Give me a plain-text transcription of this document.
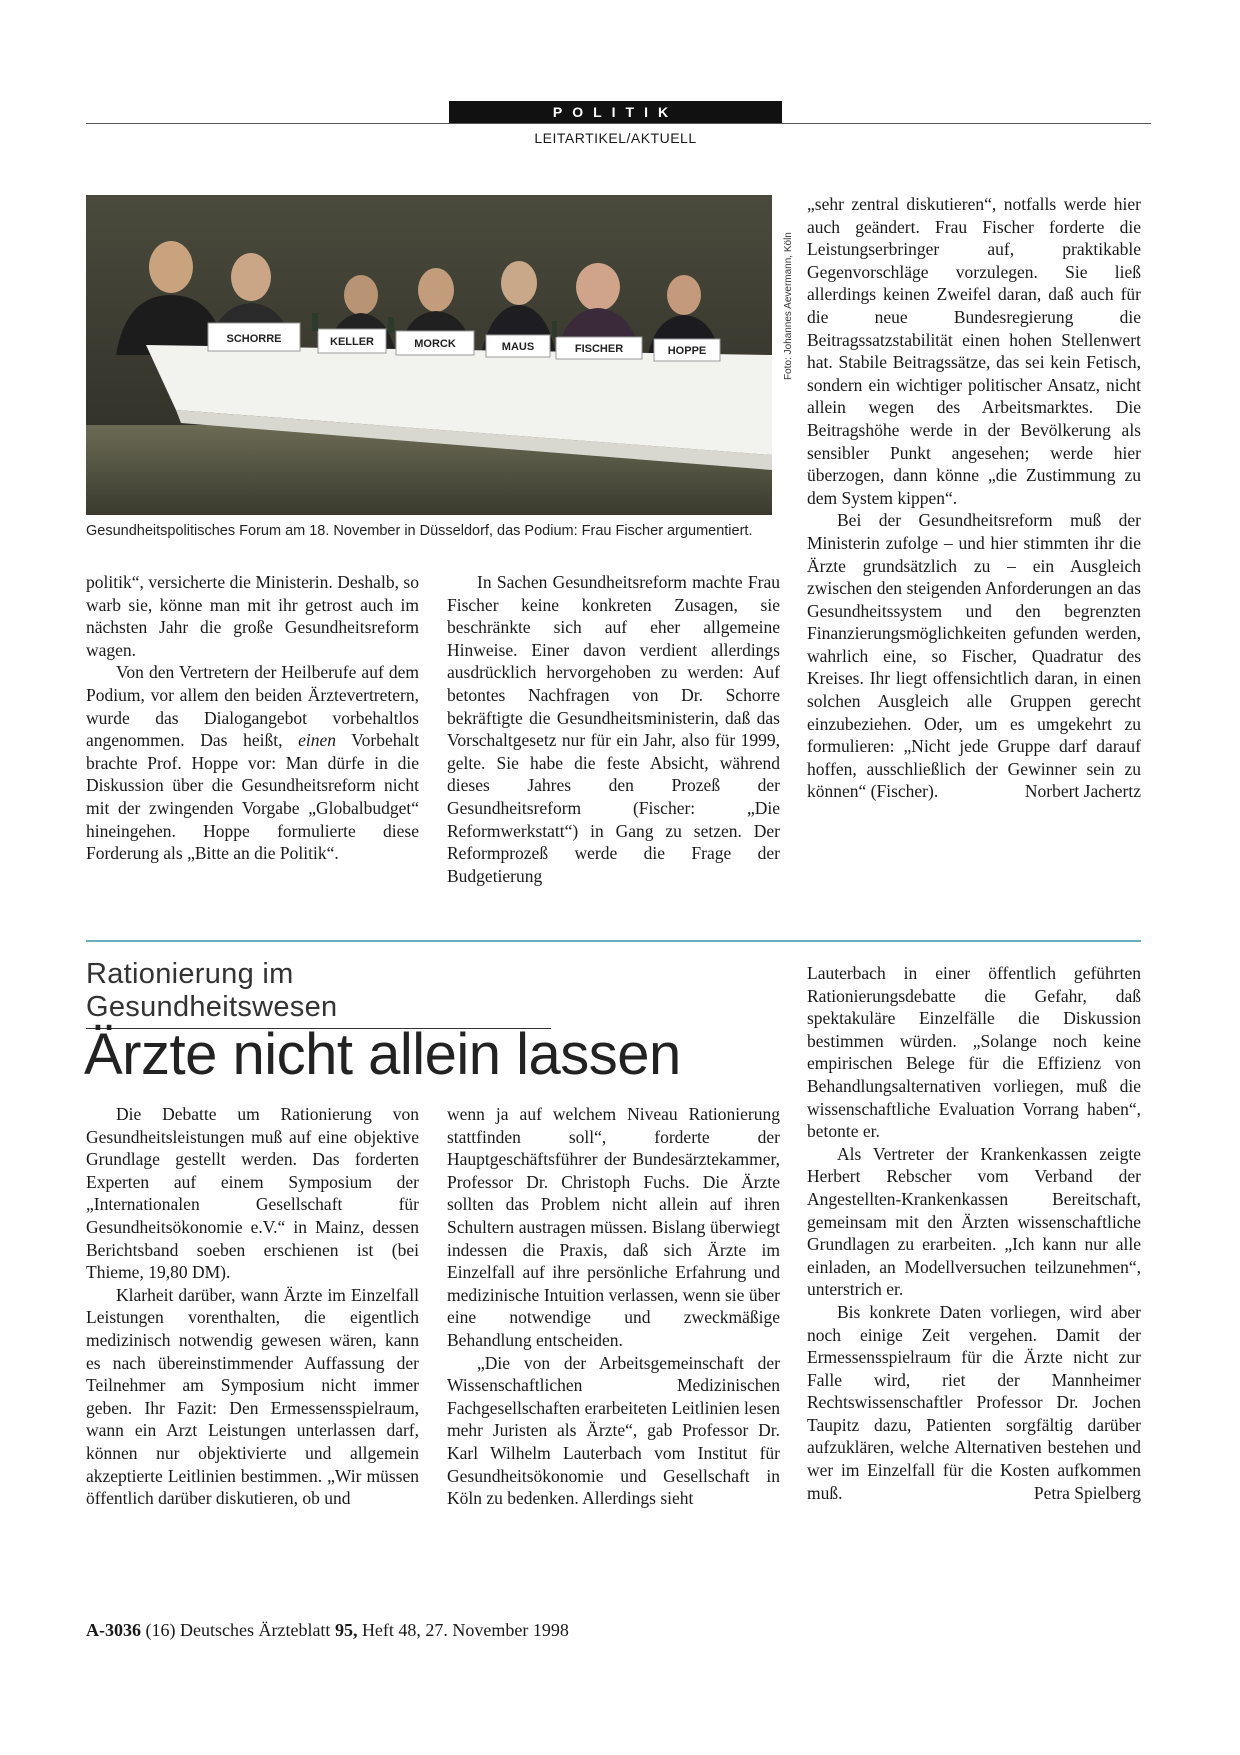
POLITIK
LEITARTIKEL/AKTUELL
SCHORRE	KELLER	MORCK	MAUS	FISCHER	HOPPE	Foto: Johannes Aevermann, Köln
Gesundheitspolitisches Forum am 18. November in Düsseldorf, das Podium: Frau Fischer argumentiert.

politik“, versicherte die Ministerin. Deshalb, so warb sie, könne man mit ihr getrost auch im nächsten Jahr die große Gesundheitsreform wagen.

Von den Vertretern der Heilberufe auf dem Podium, vor allem den beiden Ärztevertretern, wurde das Dialogangebot vorbehaltlos angenommen. Das heißt, einen Vorbehalt brachte Prof. Hoppe vor: Man dürfe in die Diskussion über die Gesundheitsreform nicht mit der zwingenden Vorgabe „Globalbudget“ hineingehen. Hoppe formulierte diese Forderung als „Bitte an die Politik“.

In Sachen Gesundheitsreform machte Frau Fischer keine konkreten Zusagen, sie beschränkte sich auf eher allgemeine Hinweise. Einer davon verdient allerdings ausdrücklich hervorgehoben zu werden: Auf betontes Nachfragen von Dr. Schorre bekräftigte die Gesundheitsministerin, daß das Vorschaltgesetz nur für ein Jahr, also für 1999, gelte. Sie habe die feste Absicht, während dieses Jahres den Prozeß der Gesundheitsreform (Fischer: „Die Reformwerkstatt“) in Gang zu setzen. Der Reformprozeß werde die Frage der Budgetierung

„sehr zentral diskutieren“, notfalls werde hier auch geändert. Frau Fischer forderte die Leistungserbringer auf, praktikable Gegenvorschläge vorzulegen. Sie ließ allerdings keinen Zweifel daran, daß auch für die neue Bundesregierung die Beitragssatzstabilität einen hohen Stellenwert hat. Stabile Beitragssätze, das sei kein Fetisch, sondern ein wichtiger politischer Ansatz, nicht allein wegen des Arbeitsmarktes. Die Beitragshöhe werde in der Bevölkerung als sensibler Punkt angesehen; werde hier überzogen, dann könne „die Zustimmung zu dem System kippen“.

Bei der Gesundheitsreform muß der Ministerin zufolge – und hier stimmten ihr die Ärzte grundsätzlich zu – ein Ausgleich zwischen den steigenden Anforderungen an das Gesundheitssystem und den begrenzten Finanzierungsmöglichkeiten gefunden werden, wahrlich eine, so Fischer, Quadratur des Kreises. Ihr liegt offensichtlich daran, in einen solchen Ausgleich alle Gruppen gerecht einzubeziehen. Oder, um es umgekehrt zu formulieren: „Nicht jede Gruppe darf darauf hoffen, ausschließlich der Gewinner sein zu können“ (Fischer).	Norbert Jachertz

Rationierung im Gesundheitswesen
Ärzte nicht allein lassen

Die Debatte um Rationierung von Gesundheitsleistungen muß auf eine objektive Grundlage gestellt werden. Das forderten Experten auf einem Symposium der „Internationalen Gesellschaft für Gesundheitsökonomie e.V.“ in Mainz, dessen Berichtsband soeben erschienen ist (bei Thieme, 19,80 DM).

Klarheit darüber, wann Ärzte im Einzelfall Leistungen vorenthalten, die eigentlich medizinisch notwendig gewesen wären, kann es nach übereinstimmender Auffassung der Teilnehmer am Symposium nicht immer geben. Ihr Fazit: Den Ermessensspielraum, wann ein Arzt Leistungen unterlassen darf, können nur objektivierte und allgemein akzeptierte Leitlinien bestimmen. „Wir müssen öffentlich darüber diskutieren, ob und

wenn ja auf welchem Niveau Rationierung stattfinden soll“, forderte der Hauptgeschäftsführer der Bundesärztekammer, Professor Dr. Christoph Fuchs. Die Ärzte sollten das Problem nicht allein auf ihren Schultern austragen müssen. Bislang überwiegt indessen die Praxis, daß sich Ärzte im Einzelfall auf ihre persönliche Erfahrung und medizinische Intuition verlassen, wenn sie über eine notwendige und zweckmäßige Behandlung entscheiden.

„Die von der Arbeitsgemeinschaft der Wissenschaftlichen Medizinischen Fachgesellschaften erarbeiteten Leitlinien lesen mehr Juristen als Ärzte“, gab Professor Dr. Karl Wilhelm Lauterbach vom Institut für Gesundheitsökonomie und Gesellschaft in Köln zu bedenken. Allerdings sieht

Lauterbach in einer öffentlich geführten Rationierungsdebatte die Gefahr, daß spektakuläre Einzelfälle die Diskussion bestimmen würden. „Solange noch keine empirischen Belege für die Effizienz von Behandlungsalternativen vorliegen, muß die wissenschaftliche Evaluation Vorrang haben“, betonte er.

Als Vertreter der Krankenkassen zeigte Herbert Rebscher vom Verband der Angestellten-Krankenkassen Bereitschaft, gemeinsam mit den Ärzten wissenschaftliche Grundlagen zu erarbeiten. „Ich kann nur alle einladen, an Modellversuchen teilzunehmen“, unterstrich er.

Bis konkrete Daten vorliegen, wird aber noch einige Zeit vergehen. Damit der Ermessensspielraum für die Ärzte nicht zur Falle wird, riet der Mannheimer Rechtswissenschaftler Professor Dr. Jochen Taupitz dazu, Patienten sorgfältig darüber aufzuklären, welche Alternativen bestehen und wer im Einzelfall für die Kosten aufkommen muß.	Petra Spielberg

A-3036 (16) Deutsches Ärzteblatt 95, Heft 48, 27. November 1998
